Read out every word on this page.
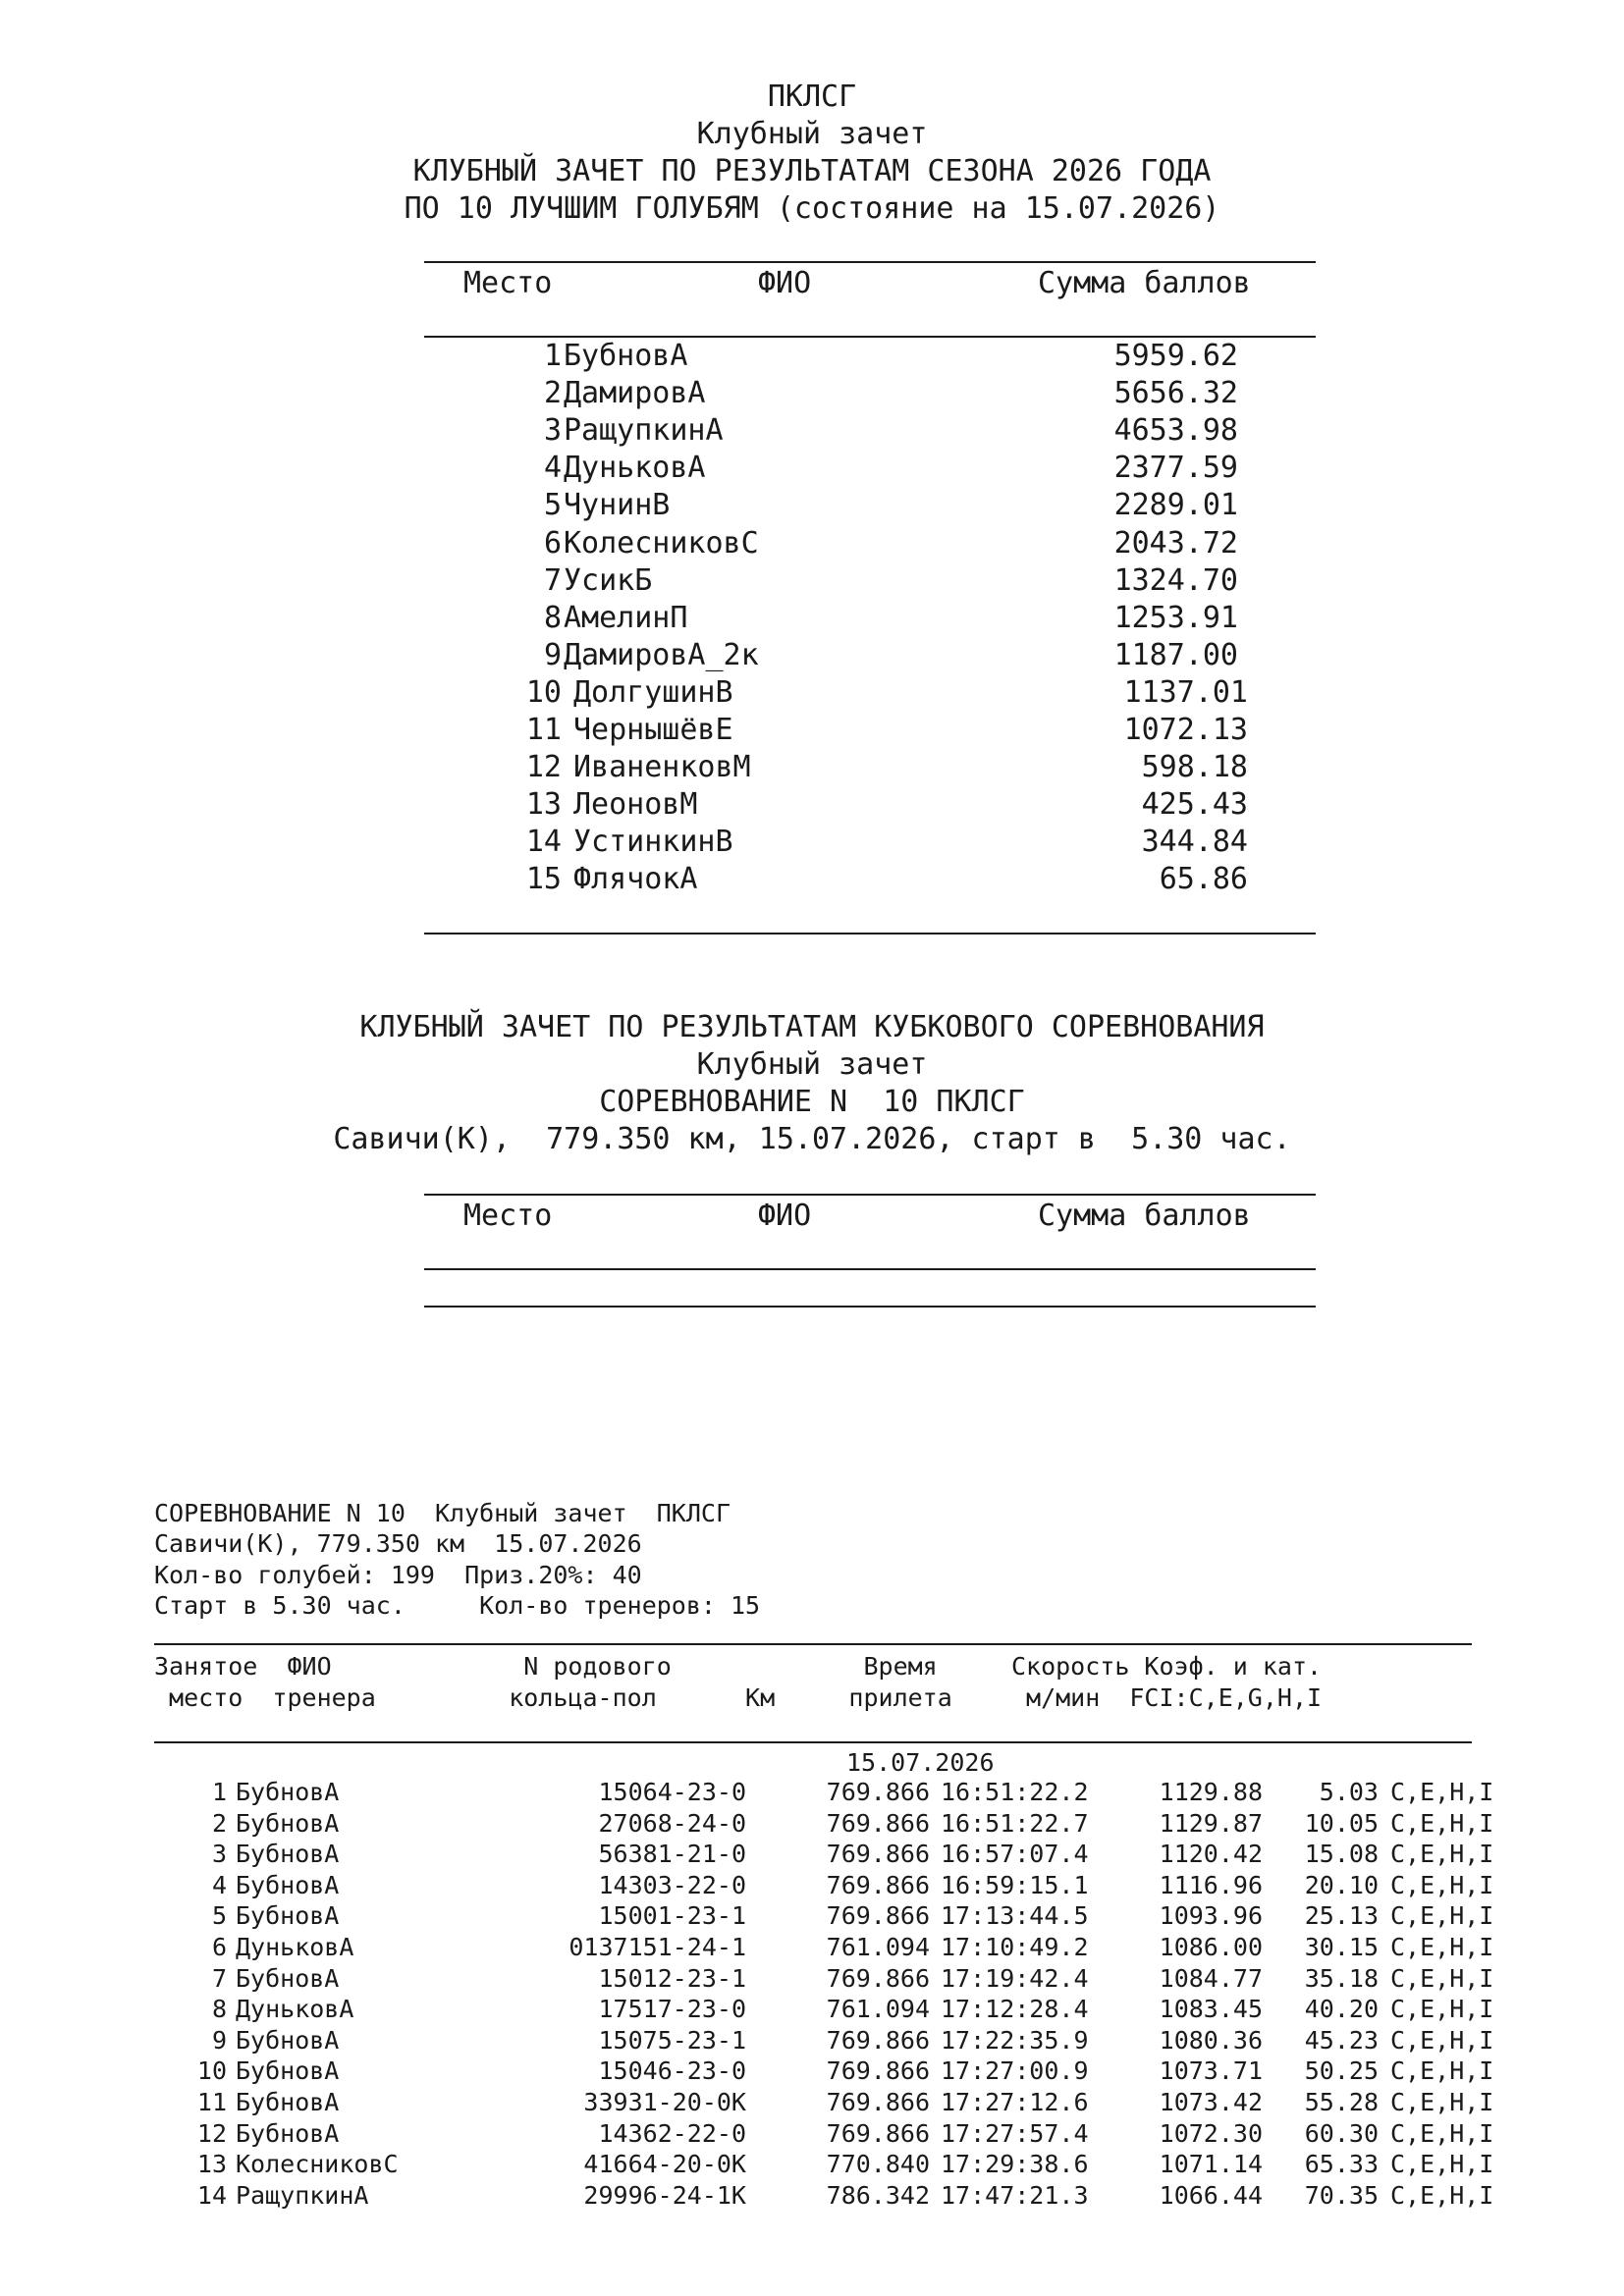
ПКЛСГ
Клубный зачет
КЛУБНЫЙ ЗАЧЕТ ПО РЕЗУЛЬТАТАМ СЕЗОНА 2026 ГОДА
ПО 10 ЛУЧШИМ ГОЛУБЯМ (состояние на 15.07.2026)
Место	ФИО	Сумма баллов
1 БубновА	5959.62
2 ДамировА	5656.32
3 РащупкинА	4653.98
4 ДуньковА	2377.59
5 ЧунинВ	2289.01
6 КолесниковС	2043.72
7 УсикБ	1324.70
8 АмелинП	1253.91
9 ДамировА_2к	1187.00
10 ДолгушинВ	1137.01
11 ЧернышёвЕ	1072.13
12 ИваненковМ	598.18
13 ЛеоновМ	425.43
14 УстинкинВ	344.84
15 ФлячокА	65.86
КЛУБНЫЙ ЗАЧЕТ ПО РЕЗУЛЬТАТАМ КУБКОВОГО СОРЕВНОВАНИЯ
Клубный зачет
СОРЕВНОВАНИЕ N  10 ПКЛСГ
Савичи(К),  779.350 км, 15.07.2026, старт в  5.30 час.
Место	ФИО	Сумма баллов
СОРЕВНОВАНИЕ N 10  Клубный зачет  ПКЛСГ
Савичи(К), 779.350 км  15.07.2026
Кол-во голубей: 199  Приз.20%: 40
Старт в 5.30 час.     Кол-во тренеров: 15
Занятое  ФИО             N родового             Время     Скорость Коэф. и кат.
место  тренера         кольца-пол      Км     прилета     м/мин  FCI:C,E,G,H,I
15.07.2026
1 БубновА	15064-23-0	769.866 16:51:22.2	1129.88	5.03 C,E,H,I
2 БубновА	27068-24-0	769.866 16:51:22.7	1129.87	10.05 C,E,H,I
3 БубновА	56381-21-0	769.866 16:57:07.4	1120.42	15.08 C,E,H,I
4 БубновА	14303-22-0	769.866 16:59:15.1	1116.96	20.10 C,E,H,I
5 БубновА	15001-23-1	769.866 17:13:44.5	1093.96	25.13 C,E,H,I
6 ДуньковА	0137151-24-1	761.094 17:10:49.2	1086.00	30.15 C,E,H,I
7 БубновА	15012-23-1	769.866 17:19:42.4	1084.77	35.18 C,E,H,I
8 ДуньковА	17517-23-0	761.094 17:12:28.4	1083.45	40.20 C,E,H,I
9 БубновА	15075-23-1	769.866 17:22:35.9	1080.36	45.23 C,E,H,I
10 БубновА	15046-23-0	769.866 17:27:00.9	1073.71	50.25 C,E,H,I
11 БубновА	33931-20-0К	769.866 17:27:12.6	1073.42	55.28 C,E,H,I
12 БубновА	14362-22-0	769.866 17:27:57.4	1072.30	60.30 C,E,H,I
13 КолесниковС	41664-20-0К	770.840 17:29:38.6	1071.14	65.33 C,E,H,I
14 РащупкинА	29996-24-1К	786.342 17:47:21.3	1066.44	70.35 C,E,H,I
